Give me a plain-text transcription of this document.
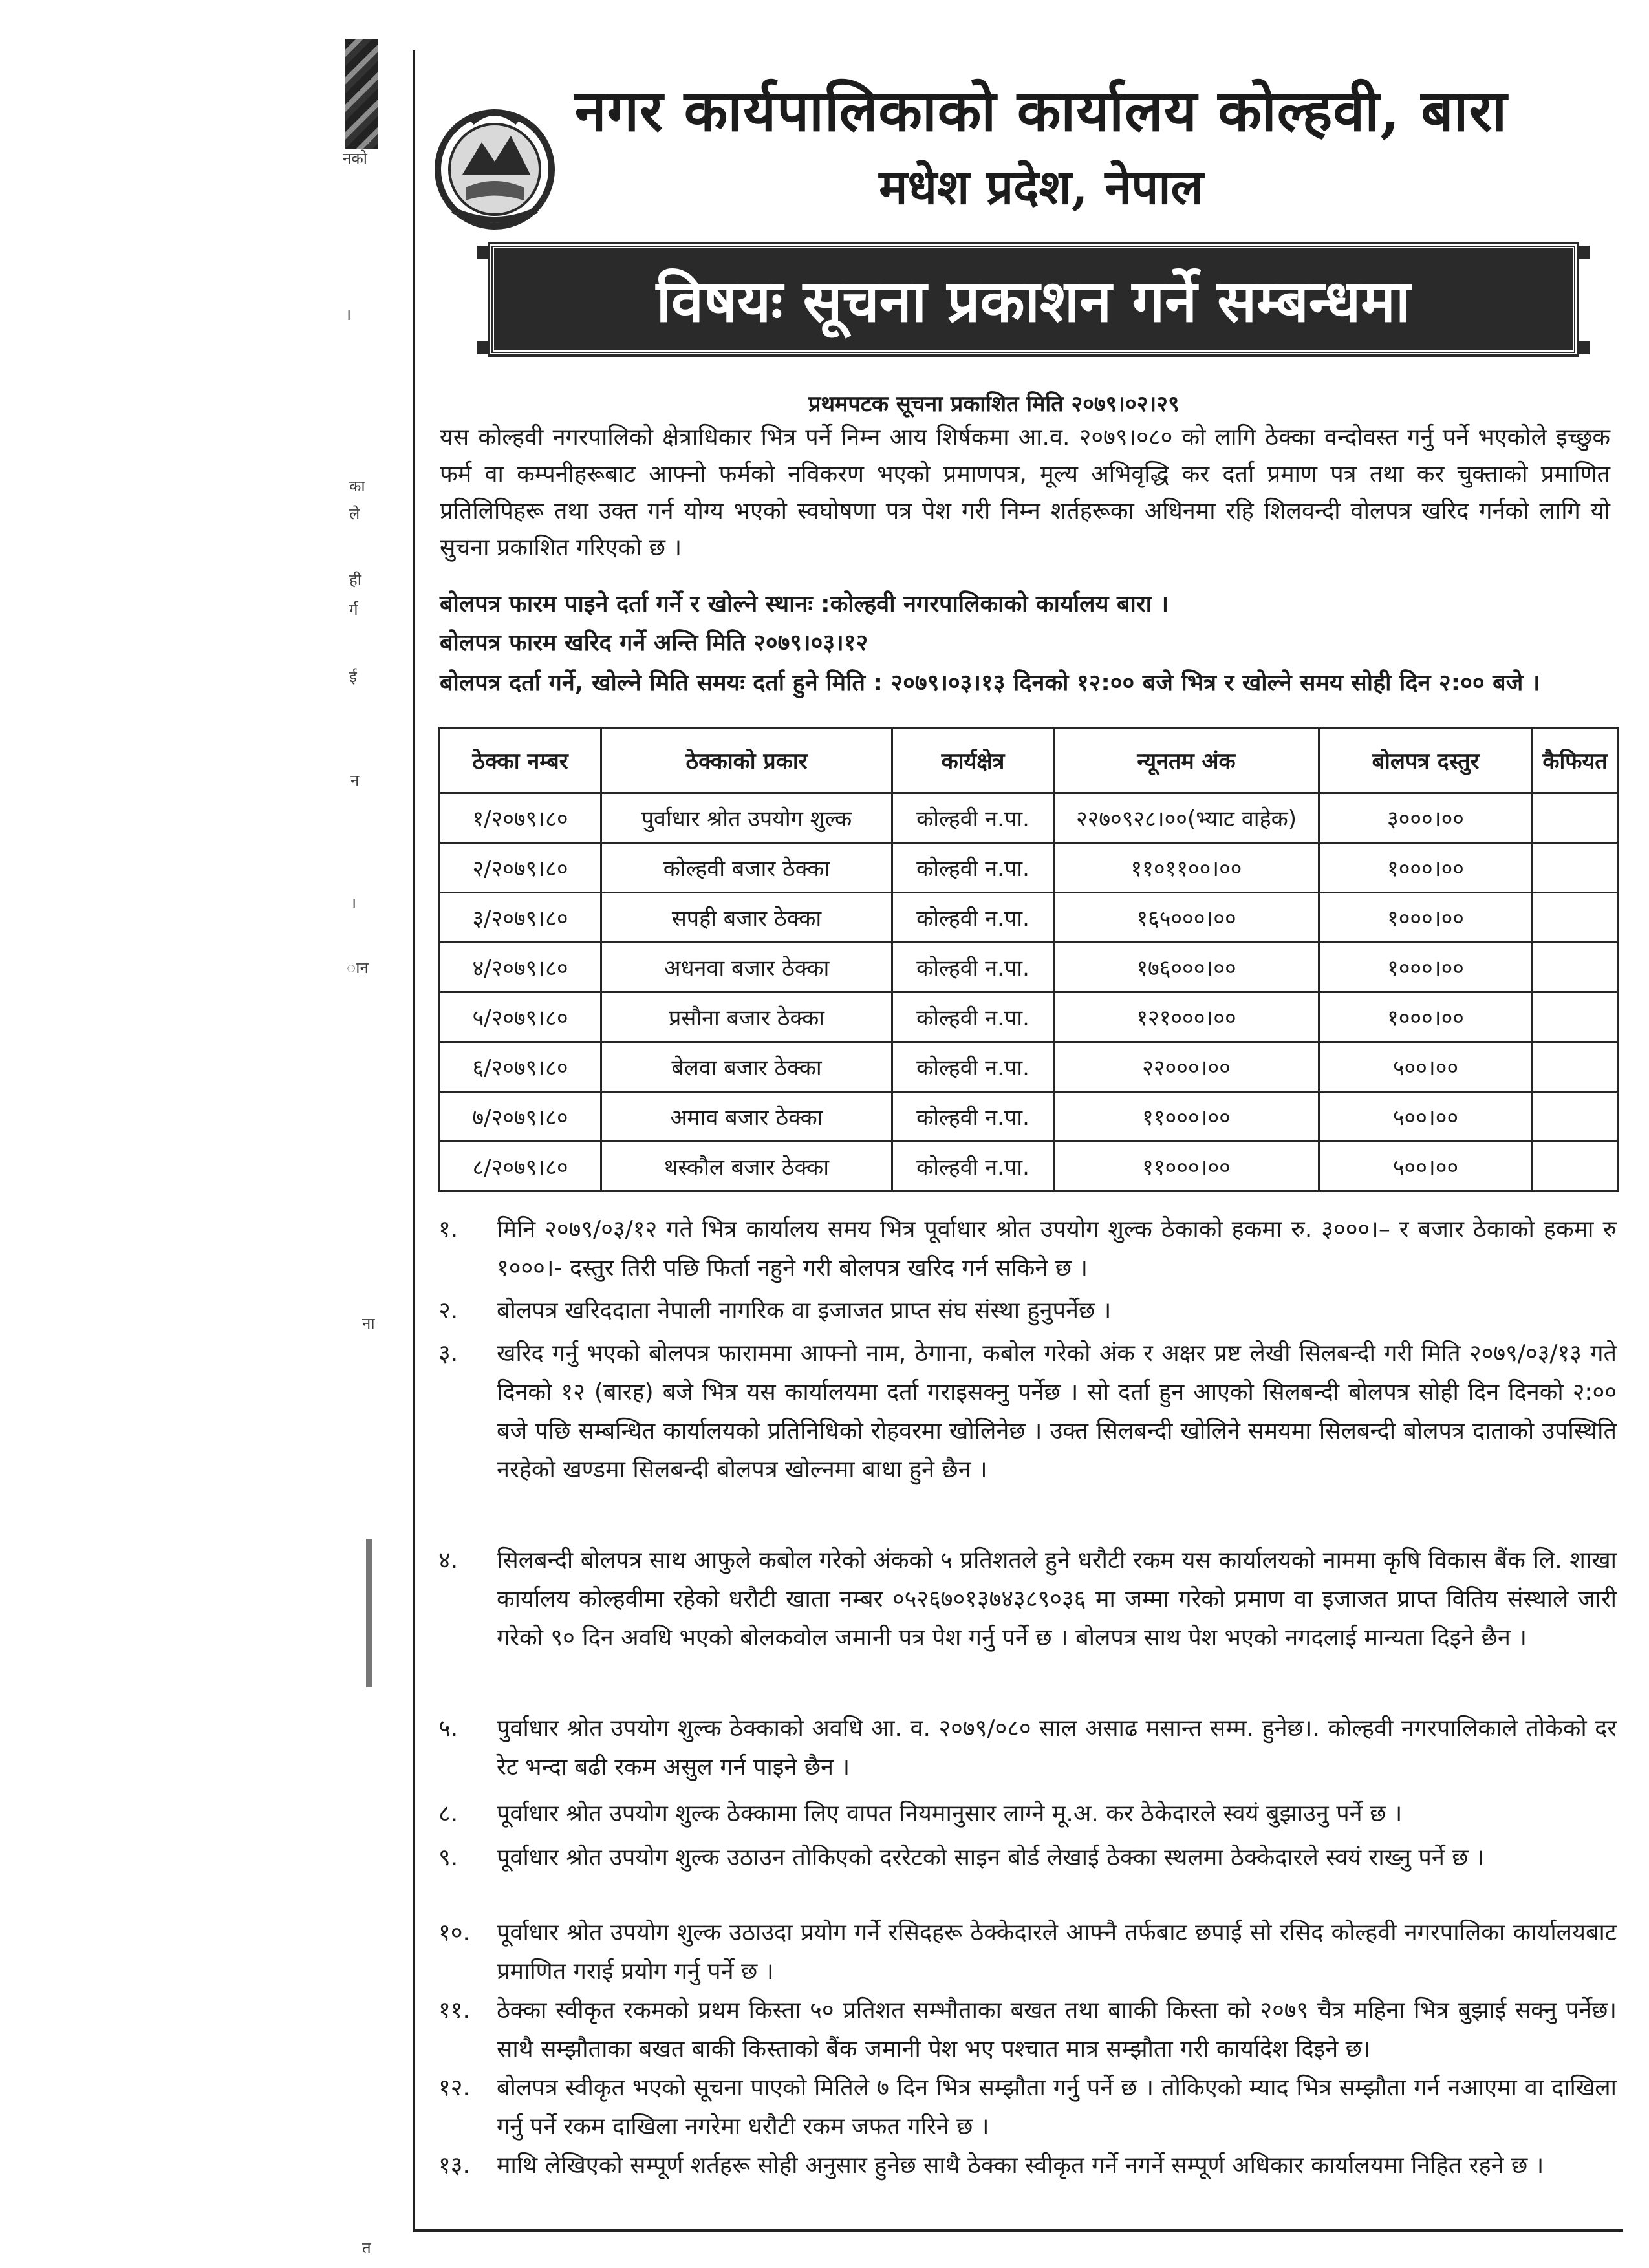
नको
।
का
ले
ही
र्ग
ई
न
।
ान
ना
त
नगर कार्यपालिकाको कार्यालय कोल्हवी, बारा
मधेश प्रदेश, नेपाल
विषयः सूचना प्रकाशन गर्ने सम्बन्धमा
प्रथमपटक सूचना प्रकाशित मिति २०७९।०२।२९

यस कोल्हवी नगरपालिको क्षेत्राधिकार भित्र पर्ने निम्न आय शिर्षकमा आ.व. २०७९।०८० को लागि ठेक्का वन्दोवस्त गर्नु पर्ने भएकोले इच्छुक फर्म वा कम्पनीहरूबाट आफ्नो फर्मको नविकरण भएको प्रमाणपत्र, मूल्य अभिवृद्धि कर दर्ता प्रमाण पत्र तथा कर चुक्ताको प्रमाणित प्रतिलिपिहरू तथा उक्त गर्न योग्य भएको स्वघोषणा पत्र पेश गरी निम्न शर्तहरूका अधिनमा रहि शिलवन्दी वोलपत्र खरिद गर्नको लागि यो सुचना प्रकाशित गरिएको छ ।

बोलपत्र फारम पाइने दर्ता गर्ने र खोल्ने स्थानः :कोल्हवी नगरपालिकाको कार्यालय बारा ।
बोलपत्र फारम खरिद गर्ने अन्ति मिति २०७९।०३।१२
बोलपत्र दर्ता गर्ने, खोल्ने मिति समयः दर्ता हुने मिति : २०७९।०३।१३ दिनको १२:०० बजे भित्र र खोल्ने समय सोही दिन २:०० बजे ।
ठेक्का नम्बर	ठेक्काको प्रकार	कार्यक्षेत्र	न्यूनतम अंक	बोलपत्र दस्तुर	कैफियत
१/२०७९।८०	पुर्वाधार श्रोत उपयोग शुल्क	कोल्हवी न.पा.	२२७०९२८।००(भ्याट वाहेक)	३०००।००	
२/२०७९।८०	कोल्हवी बजार ठेक्का	कोल्हवी न.पा.	११०११००।००	१०००।००	
३/२०७९।८०	सपही बजार ठेक्का	कोल्हवी न.पा.	१६५०००।००	१०००।००	
४/२०७९।८०	अधनवा बजार ठेक्का	कोल्हवी न.पा.	१७६०००।००	१०००।००	
५/२०७९।८०	प्रसौना बजार ठेक्का	कोल्हवी न.पा.	१२१०००।००	१०००।००	
६/२०७९।८०	बेलवा बजार ठेक्का	कोल्हवी न.पा.	२२०००।००	५००।००	
७/२०७९।८०	अमाव बजार ठेक्का	कोल्हवी न.पा.	११०००।००	५००।००	
८/२०७९।८०	थस्कौल बजार ठेक्का	कोल्हवी न.पा.	११०००।००	५००।००	
१. मिनि २०७९/०३/१२ गते भित्र कार्यालय समय भित्र पूर्वाधार श्रोत उपयोग शुल्क ठेकाको हकमा रु. ३०००।– र बजार ठेकाको हकमा रु १०००।- दस्तुर तिरी पछि फिर्ता नहुने गरी बोलपत्र खरिद गर्न सकिने छ ।
२. बोलपत्र खरिददाता नेपाली नागरिक वा इजाजत प्राप्त संघ संस्था हुनुपर्नेछ ।
३. खरिद गर्नु भएको बोलपत्र फाराममा आफ्नो नाम, ठेगाना, कबोल गरेको अंक र अक्षर प्रष्ट लेखी सिलबन्दी गरी मिति २०७९/०३/१३ गते दिनको १२ (बारह) बजे भित्र यस कार्यालयमा दर्ता गराइसक्नु पर्नेछ । सो दर्ता हुन आएको सिलबन्दी बोलपत्र सोही दिन दिनको २:०० बजे पछि सम्बन्धित कार्यालयको प्रतिनिधिको रोहवरमा खोलिनेछ । उक्त सिलबन्दी खोलिने समयमा सिलबन्दी बोलपत्र दाताको उपस्थिति नरहेको खण्डमा सिलबन्दी बोलपत्र खोल्नमा बाधा हुने छैन ।
४. सिलबन्दी बोलपत्र साथ आफुले कबोल गरेको अंकको ५ प्रतिशतले हुने धरौटी रकम यस कार्यालयको नाममा कृषि विकास बैंक लि. शाखा कार्यालय कोल्हवीमा रहेको धरौटी खाता नम्बर ०५२६७०१३७४३८९०३६ मा जम्मा गरेको प्रमाण वा इजाजत प्राप्त वितिय संस्थाले जारी गरेको ९० दिन अवधि भएको बोलकवोल जमानी पत्र पेश गर्नु पर्ने छ । बोलपत्र साथ पेश भएको नगदलाई मान्यता दिइने छैन ।
५. पुर्वाधार श्रोत उपयोग शुल्क ठेक्काको अवधि आ. व. २०७९/०८० साल असाढ मसान्त सम्म. हुनेछ।. कोल्हवी नगरपालिकाले तोकेको दर रेट भन्दा बढी रकम असुल गर्न पाइने छैन ।
८. पूर्वाधार श्रोत उपयोग शुल्क ठेक्कामा लिए वापत नियमानुसार लाग्ने मू.अ. कर ठेकेदारले स्वयं बुझाउनु पर्ने छ ।
९. पूर्वाधार श्रोत उपयोग शुल्क उठाउन तोकिएको दररेटको साइन बोर्ड लेखाई ठेक्का स्थलमा ठेक्केदारले स्वयं राख्नु पर्ने छ ।
१०. पूर्वाधार श्रोत उपयोग शुल्क उठाउदा प्रयोग गर्ने रसिदहरू ठेक्केदारले आफ्नै तर्फबाट छपाई सो रसिद कोल्हवी नगरपालिका कार्यालयबाट प्रमाणित गराई प्रयोग गर्नु पर्ने छ ।
११. ठेक्का स्वीकृत रकमको प्रथम किस्ता ५० प्रतिशत सम्भौताका बखत तथा बााकी किस्ता को २०७९ चैत्र महिना भित्र बुझाई सक्नु पर्नेछ। साथै सम्झौताका बखत बाकी किस्ताको बैंक जमानी पेश भए पश्चात मात्र सम्झौता गरी कार्यादेश दिइने छ।
१२. बोलपत्र स्वीकृत भएको सूचना पाएको मितिले ७ दिन भित्र सम्झौता गर्नु पर्ने छ । तोकिएको म्याद भित्र सम्झौता गर्न नआएमा वा दाखिला गर्नु पर्ने रकम दाखिला नगरेमा धरौटी रकम जफत गरिने छ ।
१३. माथि लेखिएको सम्पूर्ण शर्तहरू सोही अनुसार हुनेछ साथै ठेक्का स्वीकृत गर्ने नगर्ने सम्पूर्ण अधिकार कार्यालयमा निहित रहने छ ।
